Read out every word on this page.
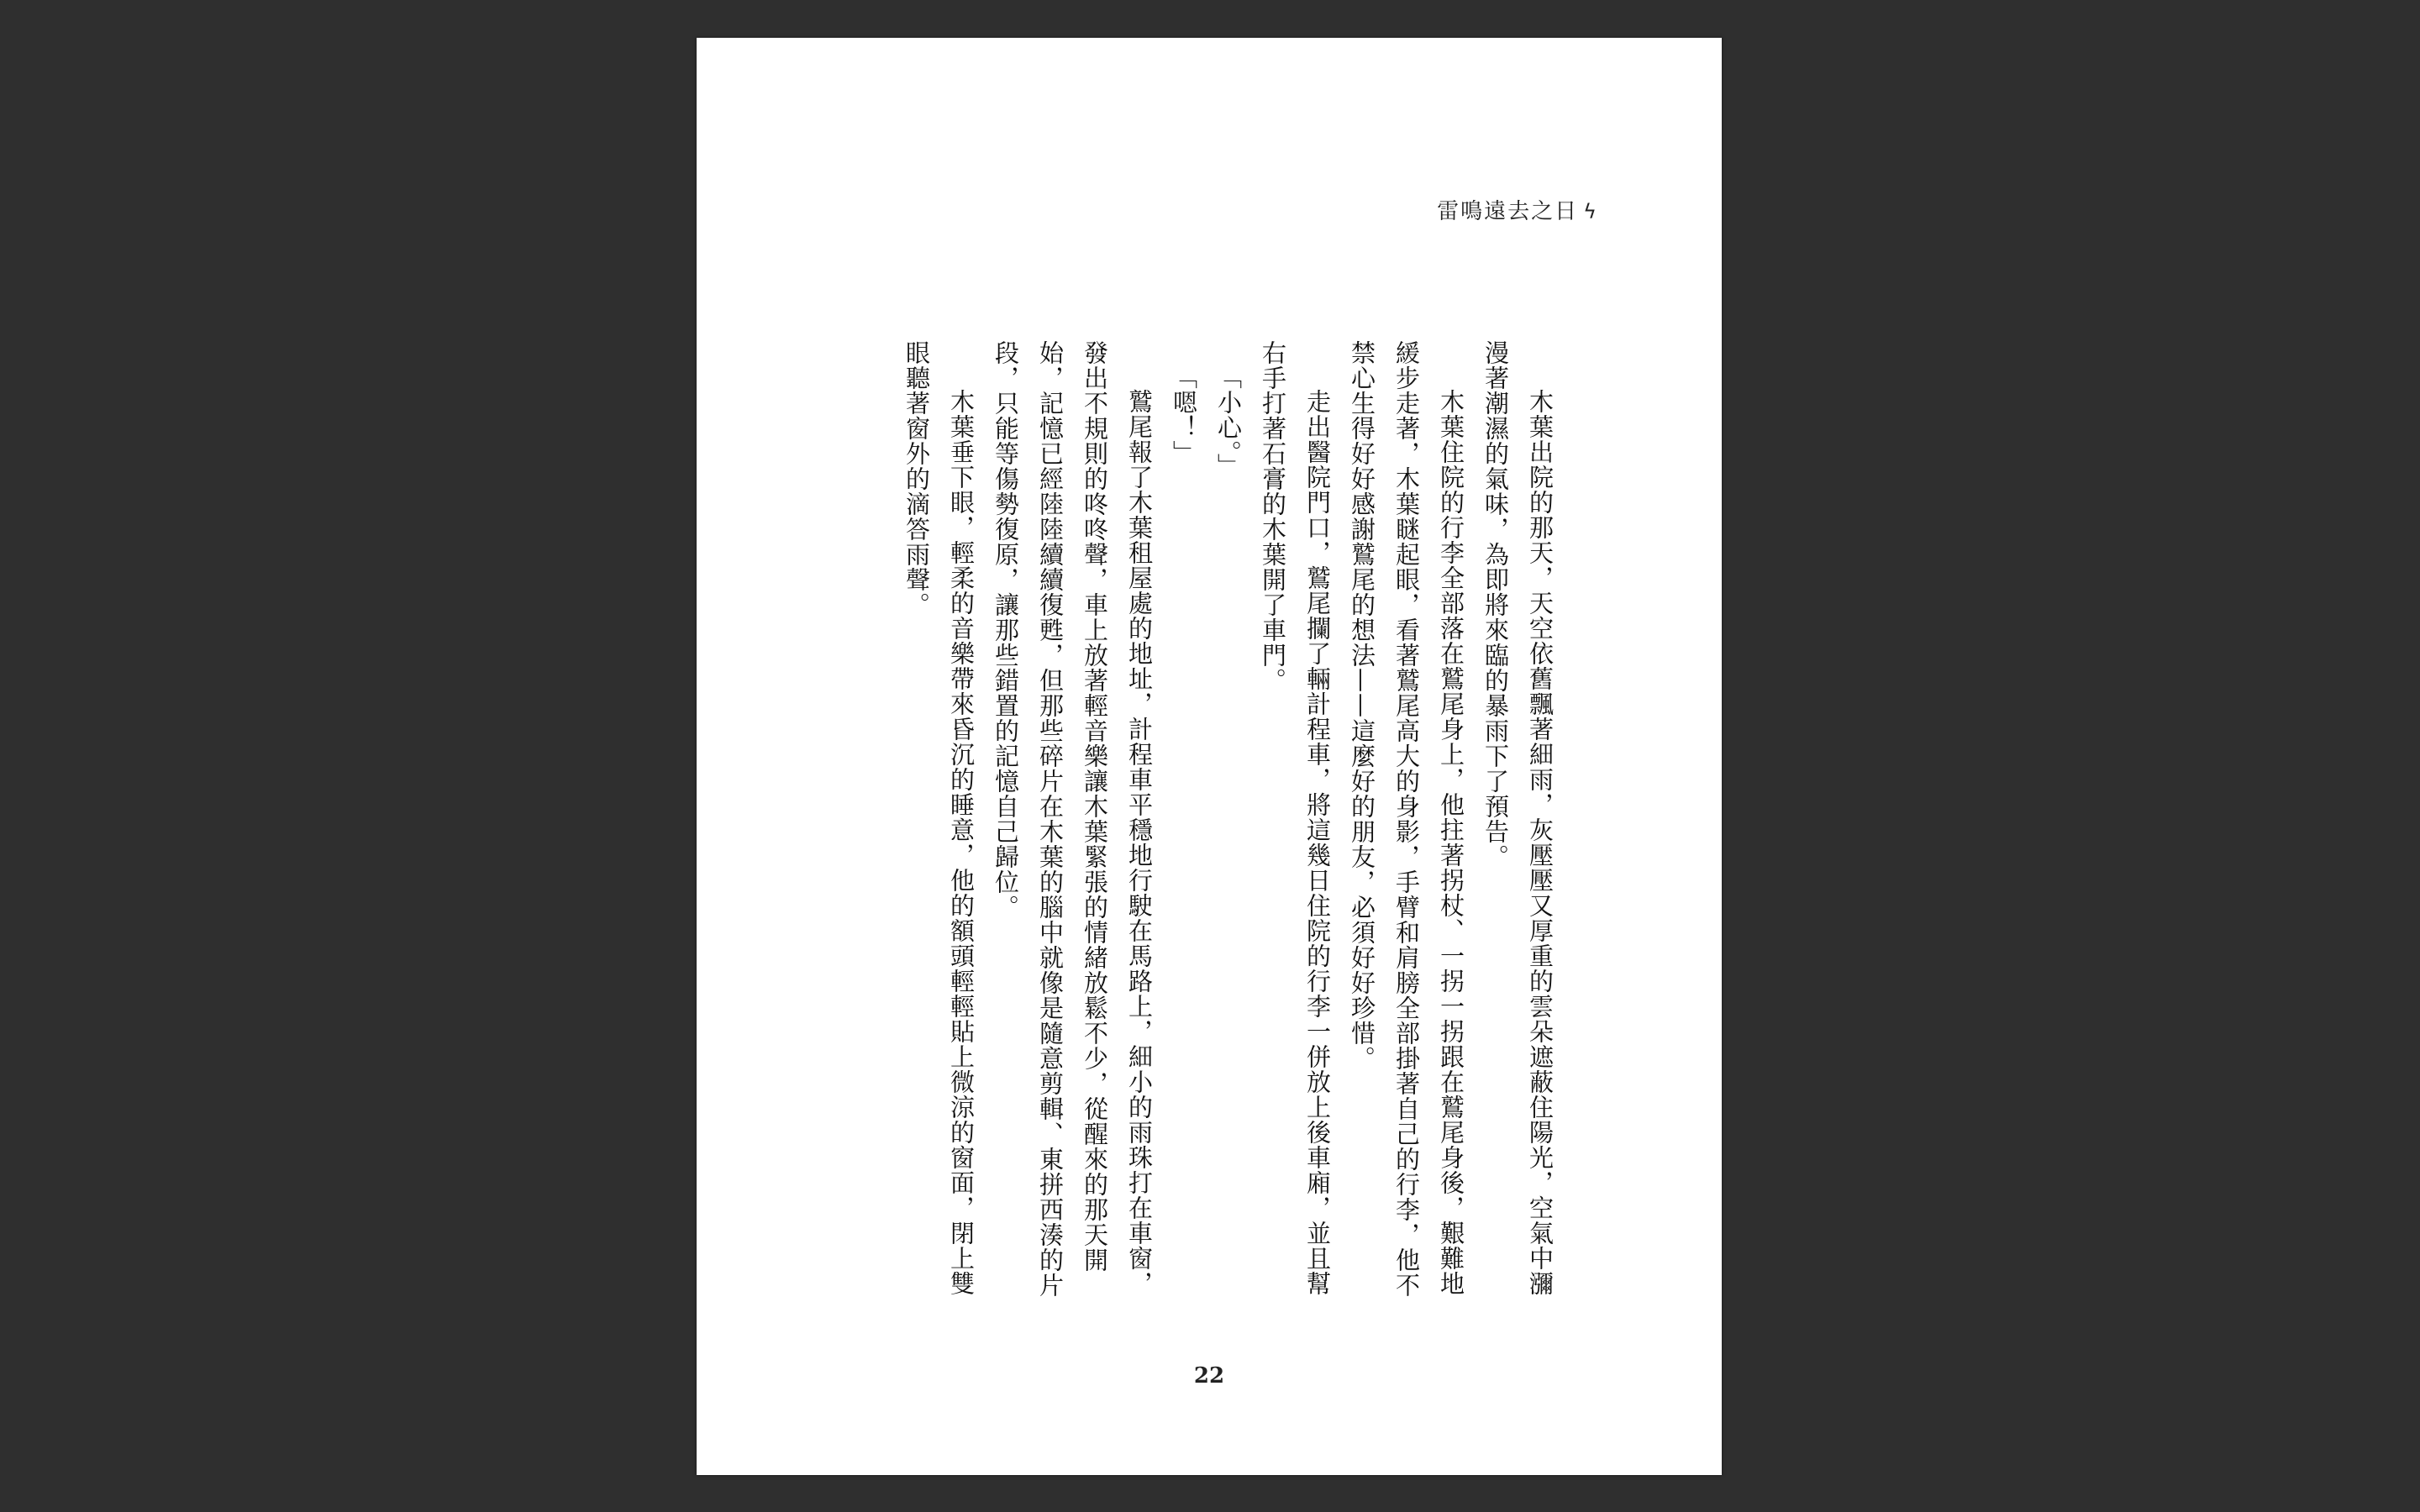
雷鳴遠去之日 ϟ

木葉出院的那天，天空依舊飄著細雨，灰壓壓又厚重的雲朵遮蔽住陽光，空氣中瀰漫著潮濕的氣味，為即將來臨的暴雨下了預告。

木葉住院的行李全部落在鷲尾身上，他拄著拐杖、一拐一拐跟在鷲尾身後，艱難地緩步走著，木葉瞇起眼，看著鷲尾高大的身影，手臂和肩膀全部掛著自己的行李，他不禁心生得好好感謝鷲尾的想法——這麼好的朋友，必須好好珍惜。

走出醫院門口，鷲尾攔了輛計程車，將這幾日住院的行李一併放上後車廂，並且幫右手打著石膏的木葉開了車門。

「小心。」

「嗯！」

鷲尾報了木葉租屋處的地址，計程車平穩地行駛在馬路上，細小的雨珠打在車窗，發出不規則的咚咚聲，車上放著輕音樂讓木葉緊張的情緒放鬆不少，從醒來的那天開始，記憶已經陸陸續續復甦，但那些碎片在木葉的腦中就像是隨意剪輯、東拼西湊的片段，只能等傷勢復原，讓那些錯置的記憶自己歸位。

木葉垂下眼，輕柔的音樂帶來昏沉的睡意，他的額頭輕輕貼上微涼的窗面，閉上雙眼聽著窗外的滴答雨聲。

22
